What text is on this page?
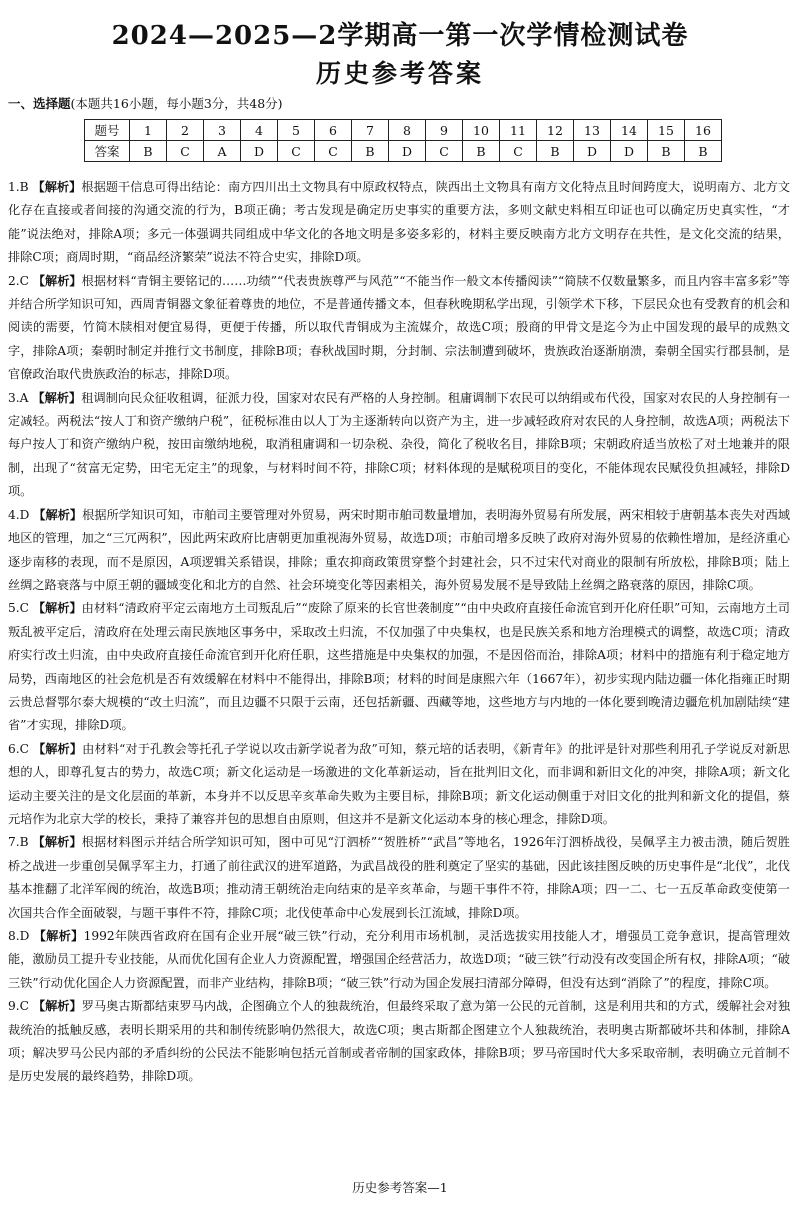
2024—2025—2学期高一第一次学情检测试卷
历史参考答案
一、选择题(本题共16小题，每小题3分，共48分)
题号	1	2	3	4	5	6	7	8	9	10	11	12	13	14	15	16
答案	B	C	A	D	C	C	B	D	C	B	C	B	D	D	B	B

1.B 【解析】根据题干信息可得出结论：南方四川出土文物具有中原政权特点，陕西出土文物具有南方文化特点且时间跨度大，说明南方、北方文化存在直接或者间接的沟通交流的行为，B项正确；考古发现是确定历史事实的重要方法，多则文献史料相互印证也可以确定历史真实性，“才能”说法绝对，排除A项；多元一体强调共同组成中华文化的各地文明是多姿多彩的，材料主要反映南方北方文明存在共性，是文化交流的结果，排除C项；商周时期，“商品经济繁荣”说法不符合史实，排除D项。

2.C 【解析】根据材料“青铜主要铭记的……功绩”“代表贵族尊严与风范”“不能当作一般文本传播阅读”“简牍不仅数量繁多，而且内容丰富多彩”等并结合所学知识可知，西周青铜器文象征着尊贵的地位，不是普通传播文本，但春秋晚期私学出现，引领学术下移，下层民众也有受教育的机会和阅读的需要，竹简木牍相对便宜易得，更便于传播，所以取代青铜成为主流媒介，故选C项；殷商的甲骨文是迄今为止中国发现的最早的成熟文字，排除A项；秦朝时制定并推行文书制度，排除B项；春秋战国时期，分封制、宗法制遭到破坏，贵族政治逐渐崩溃，秦朝全国实行郡县制，是官僚政治取代贵族政治的标志，排除D项。

3.A 【解析】租调制向民众征收租调，征派力役，国家对农民有严格的人身控制。租庸调制下农民可以纳绢或布代役，国家对农民的人身控制有一定减轻。两税法“按人丁和资产缴纳户税”，征税标准由以人丁为主逐渐转向以资产为主，进一步减轻政府对农民的人身控制，故选A项；两税法下每户按人丁和资产缴纳户税，按田亩缴纳地税，取消租庸调和一切杂税、杂役，简化了税收名目，排除B项；宋朝政府适当放松了对土地兼并的限制，出现了“贫富无定势，田宅无定主”的现象，与材料时间不符，排除C项；材料体现的是赋税项目的变化，不能体现农民赋役负担减轻，排除D项。

4.D 【解析】根据所学知识可知，市舶司主要管理对外贸易，两宋时期市舶司数量增加，表明海外贸易有所发展，两宋相较于唐朝基本丧失对西域地区的管理，加之“三冗两积”，因此两宋政府比唐朝更加重视海外贸易，故选D项；市舶司增多反映了政府对海外贸易的依赖性增加，是经济重心逐步南移的表现，而不是原因，A项逻辑关系错误，排除；重农抑商政策贯穿整个封建社会，只不过宋代对商业的限制有所放松，排除B项；陆上丝绸之路衰落与中原王朝的疆域变化和北方的自然、社会环境变化等因素相关，海外贸易发展不是导致陆上丝绸之路衰落的原因，排除C项。

5.C 【解析】由材料“清政府平定云南地方土司叛乱后”“废除了原来的长官世袭制度”“由中央政府直接任命流官到开化府任职”可知，云南地方土司叛乱被平定后，清政府在处理云南民族地区事务中，采取改土归流，不仅加强了中央集权，也是民族关系和地方治理模式的调整，故选C项；清政府实行改土归流，由中央政府直接任命流官到开化府任职，这些措施是中央集权的加强，不是因俗而治，排除A项；材料中的措施有利于稳定地方局势，西南地区的社会危机是否有效缓解在材料中不能得出，排除B项；材料的时间是康熙六年（1667年），初步实现内陆边疆一体化指雍正时期云贵总督鄂尔泰大规模的“改土归流”，而且边疆不只限于云南，还包括新疆、西藏等地，这些地方与内地的一体化要到晚清边疆危机加剧陆续“建省”才实现，排除D项。

6.C 【解析】由材料“对于孔教会等托孔子学说以攻击新学说者为敌”可知，蔡元培的话表明，《新青年》的批评是针对那些利用孔子学说反对新思想的人，即尊孔复古的势力，故选C项；新文化运动是一场激进的文化革新运动，旨在批判旧文化，而非调和新旧文化的冲突，排除A项；新文化运动主要关注的是文化层面的革新，本身并不以反思辛亥革命失败为主要目标，排除B项；新文化运动侧重于对旧文化的批判和新文化的提倡，蔡元培作为北京大学的校长，秉持了兼容并包的思想自由原则，但这并不是新文化运动本身的核心理念，排除D项。

7.B 【解析】根据材料图示并结合所学知识可知，图中可见“汀泗桥”“贺胜桥”“武昌”等地名，1926年汀泗桥战役，吴佩孚主力被击溃，随后贺胜桥之战进一步重创吴佩孚军主力，打通了前往武汉的进军道路，为武昌战役的胜利奠定了坚实的基础，因此该挂图反映的历史事件是“北伐”，北伐基本推翻了北洋军阀的统治，故选B项；推动清王朝统治走向结束的是辛亥革命，与题干事件不符，排除A项；四一二、七一五反革命政变使第一次国共合作全面破裂，与题干事件不符，排除C项；北伐使革命中心发展到长江流域，排除D项。

8.D 【解析】1992年陕西省政府在国有企业开展“破三铁”行动，充分利用市场机制，灵活选拔实用技能人才，增强员工竞争意识，提高管理效能，激励员工提升专业技能，从而优化国有企业人力资源配置，增强国企经营活力，故选D项；“破三铁”行动没有改变国企所有权，排除A项；“破三铁”行动优化国企人力资源配置，而非产业结构，排除B项；“破三铁”行动为国企发展扫清部分障碍，但没有达到“消除了”的程度，排除C项。

9.C 【解析】罗马奥古斯都结束罗马内战，企图确立个人的独裁统治，但最终采取了意为第一公民的元首制，这是利用共和的方式，缓解社会对独裁统治的抵触反感，表明长期采用的共和制传统影响仍然很大，故选C项；奥古斯都企图建立个人独裁统治，表明奥古斯都破坏共和体制，排除A项；解决罗马公民内部的矛盾纠纷的公民法不能影响包括元首制或者帝制的国家政体，排除B项；罗马帝国时代大多采取帝制，表明确立元首制不是历史发展的最终趋势，排除D项。

历史参考答案—1
